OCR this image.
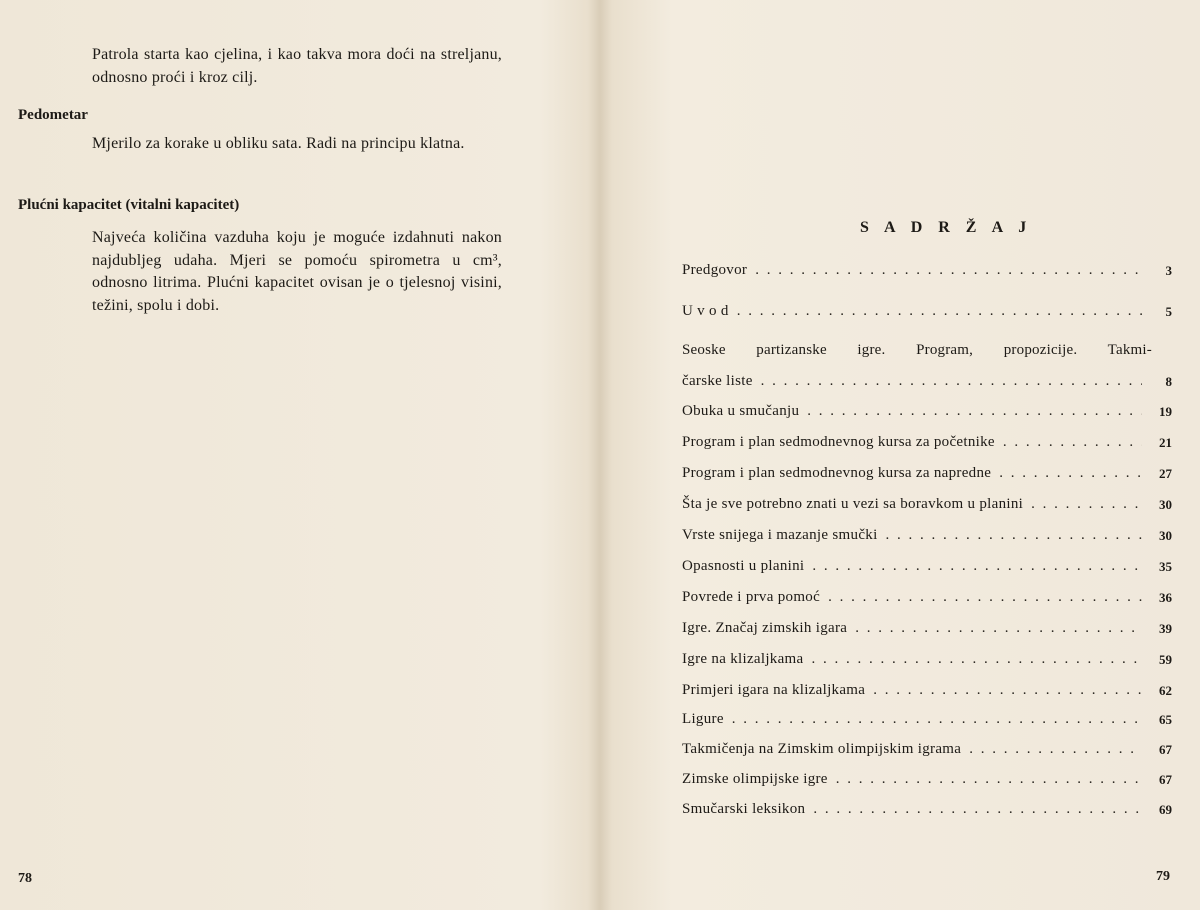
Patrola starta kao cjelina, i kao takva mora doći na streljanu, odnosno proći i kroz cilj.
Pedometar
Mjerilo za korake u obliku sata. Radi na principu klatna.
Plućni kapacitet (vitalni kapacitet)
Najveća količina vazduha koju je moguće izdahnuti nakon najdubljeg udaha. Mjeri se pomoću spirometra u cm³, odnosno litrima. Plućni kapacitet ovisan je o tjelesnoj visini, težini, spolu i dobi.
78
S A D R Ž A J
Predgovor . . .	3
U v o d . . .	5
Seoske partizanske igre. Program, propozicije. Takmi-
čarske liste . . .	8
Obuka u smučanju . . .	19
Program i plan sedmodnevnog kursa za početnike . . .	21
Program i plan sedmodnevnog kursa za napredne . . .	27
Šta je sve potrebno znati u vezi sa boravkom u planini . . .	30
Vrste snijega i mazanje smučki . . .	30
Opasnosti u planini . . .	35
Povrede i prva pomoć . . .	36
Igre. Značaj zimskih igara . . .	39
Igre na klizaljkama . . .	59
Primjeri igara na klizaljkama . . .	62
Ligure . . .	65
Takmičenja na Zimskim olimpijskim igrama . . .	67
Zimske olimpijske igre . . .	67
Smučarski leksikon . . .	69
79
